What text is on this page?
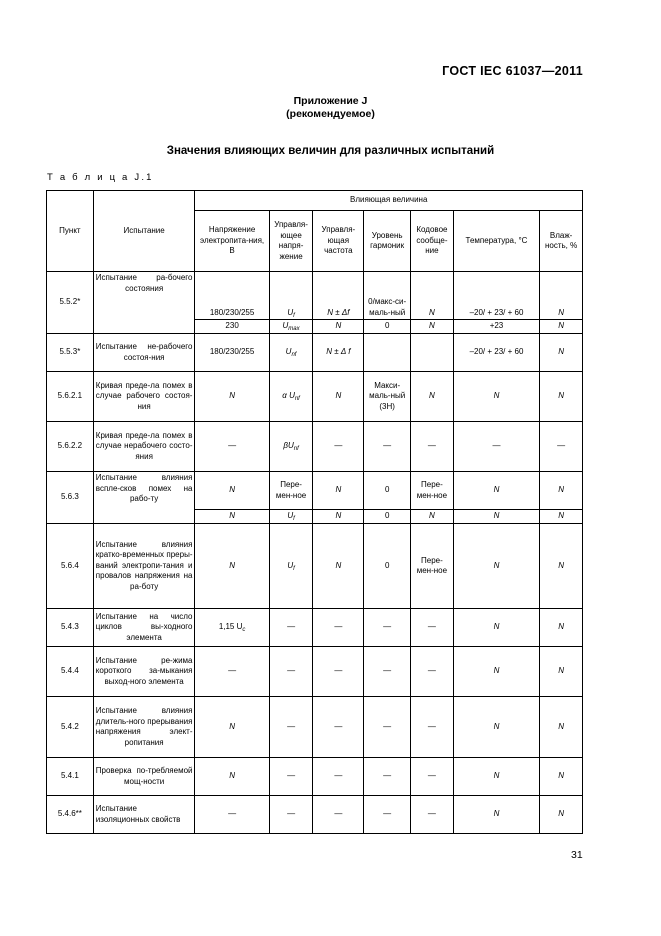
ГОСТ IEC 61037—2011
Приложение J
(рекомендуемое)
Значения влияющих величин для различных испытаний
Т а б л и ц а J.1
Пункт	Испытание	Влияющая величина						
		Напряжение электропита-ния, В	Управля-ющее напря-жение	Управля-ющая частота	Уровень гармоник	Кодовое сообще-ние	Температура, °С	Влаж-ность, %
5.5.2*	Испытание ра-бочего состояния	180/230/255	$U_f$	N ± Δf	0/макс-си-маль-ный	N	–20/ + 23/ + 60	N
		230	$U_{max}$	N	0	N	+23	N
5.5.3*	Испытание не-рабочего состоя-ния	180/230/255	$U_{nf}$	N ± Δ f			–20/ + 23/ + 60	N
5.6.2.1	Кривая преде-ла помех в случае рабочего состоя-ния	N	α $U_{nf}$	N	Макси-маль-ный (3Н)	N	N	N
5.6.2.2	Кривая преде-ла помех в случае нерабочего состо-яния	—	$\beta U_{nf}$	—	—	—	—	—
5.6.3	Испытание влияния вспле-сков помех на рабо-ту	N	Пере-мен-ное	N	0	Пере-мен-ное	N	N
		N	$U_f$	N	0	N	N	N
5.6.4	Испытание влияния кратко-временных преры-ваний электропи-тания и провалов напряжения на ра-боту	N	$U_f$	N	0	Пере-мен-ное	N	N
5.4.3	Испытание на число циклов вы-ходного элемента	1,15 $U_c$	—	—	—	—	N	N
5.4.4	Испытание ре-жима короткого за-мыкания выход-ного элемента	—	—	—	—	—	N	N
5.4.2	Испытание влияния длитель-ного прерывания напряжения элект-ропитания	N	—	—	—	—	N	N
5.4.1	Проверка по-требляемой мощ-ности	N	—	—	—	—	N	N
5.4.6**	Испытание изоляционных свойств	—	—	—	—	—	N	N
31
